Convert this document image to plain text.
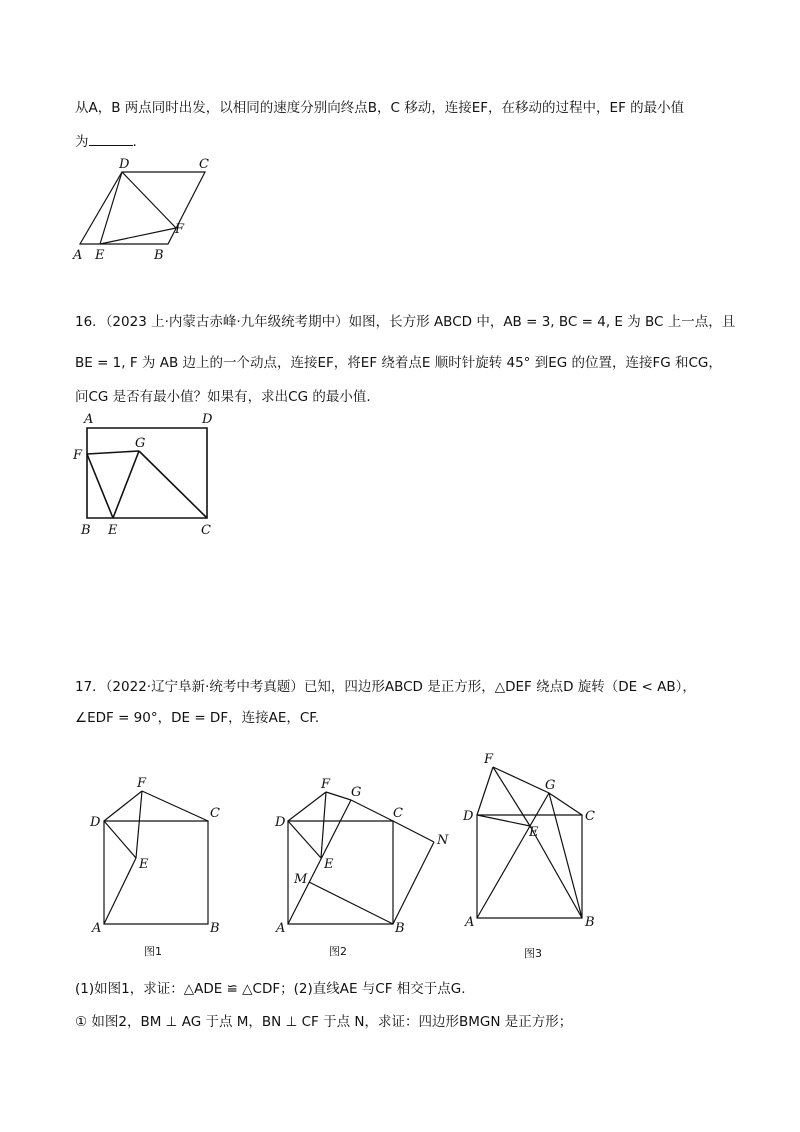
从A，B 两点同时出发，以相同的速度分别向终点B，C 移动，连接EF，在移动的过程中，EF 的最小值
为	.
D	C
F
A E	B
16．（2023 上·内蒙古赤峰·九年级统考期中）如图，长方形 ABCD 中，AB = 3, BC = 4, E 为 BC 上一点，且
BE = 1, F 为 AB 边上的一个动点，连接EF，将EF 绕着点E 顺时针旋转 45° 到EG 的位置，连接FG 和CG，
问CG 是否有最小值？如果有，求出CG 的最小值.
A	D
F
G
B E	C
17．（2022·辽宁阜新·统考中考真题）已知，四边形ABCD 是正方形，△DEF 绕点D 旋转（DE < AB），
∠EDF = 90°，DE = DF，连接AE，CF.
F
D
C
E
A	B
图1
F
G
D
C
N
E
M
A	B
图2
F
G
D
E
C
A	B
图3
(1)如图1，求证：△ADE ≌ △CDF；(2)直线AE 与CF 相交于点G.
① 如图2，BM ⊥ AG 于点 M，BN ⊥ CF 于点 N，求证：四边形BMGN 是正方形；
